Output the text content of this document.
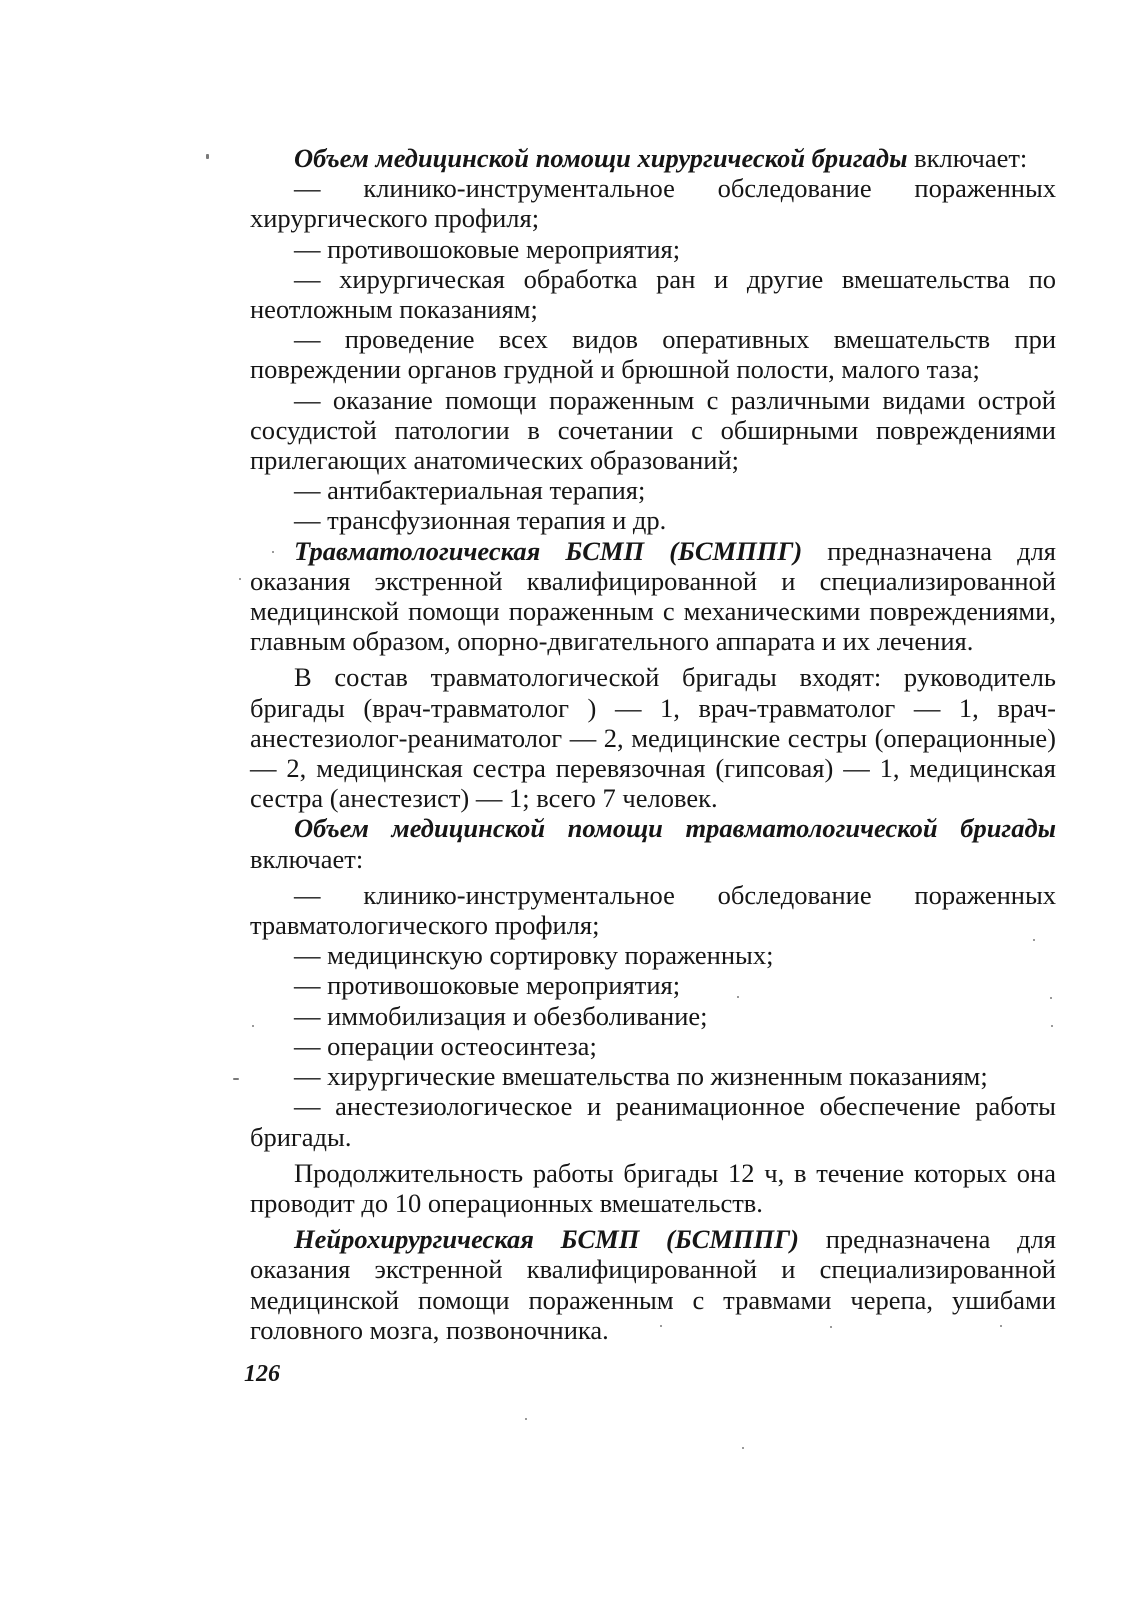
Объем медицинской помощи хирургической бригады включает:

— клинико-инструментальное обследование пораженных хирургического профиля;

— противошоковые мероприятия;

— хирургическая обработка ран и другие вмешательства по неотложным показаниям;

— проведение всех видов оперативных вмешательств при повреждении органов грудной и брюшной полости, малого таза;

— оказание помощи пораженным с различными видами острой сосудистой патологии в сочетании с обширными повреждениями прилегающих анатомических образований;

— антибактериальная терапия;

— трансфузионная терапия и др.

Травматологическая БСМП (БСМППГ) предназначена для оказания экстренной квалифицированной и специализированной медицинской помощи пораженным с механическими повреждениями, главным образом, опорно-двигательного аппарата и их лечения.

В состав травматологической бригады входят: руководитель бригады (врач-травматолог ) — 1, врач-травматолог — 1, врач-анестезиолог-реаниматолог — 2, медицинские сестры (операционные) — 2, медицинская сестра перевязочная (гипсовая) — 1, медицинская сестра (анестезист) — 1; всего 7 человек.

Объем медицинской помощи травматологической бригады включает:

— клинико-инструментальное обследование пораженных травматологического профиля;

— медицинскую сортировку пораженных;

— противошоковые мероприятия;

— иммобилизация и обезболивание;

— операции остеосинтеза;

— хирургические вмешательства по жизненным показаниям;

— анестезиологическое и реанимационное обеспечение работы бригады.

Продолжительность работы бригады 12 ч, в течение которых она проводит до 10 операционных вмешательств.

Нейрохирургическая БСМП (БСМППГ) предназначена для оказания экстренной квалифицированной и специализированной медицинской помощи пораженным с травмами черепа, ушибами головного мозга, позвоночника.

126
